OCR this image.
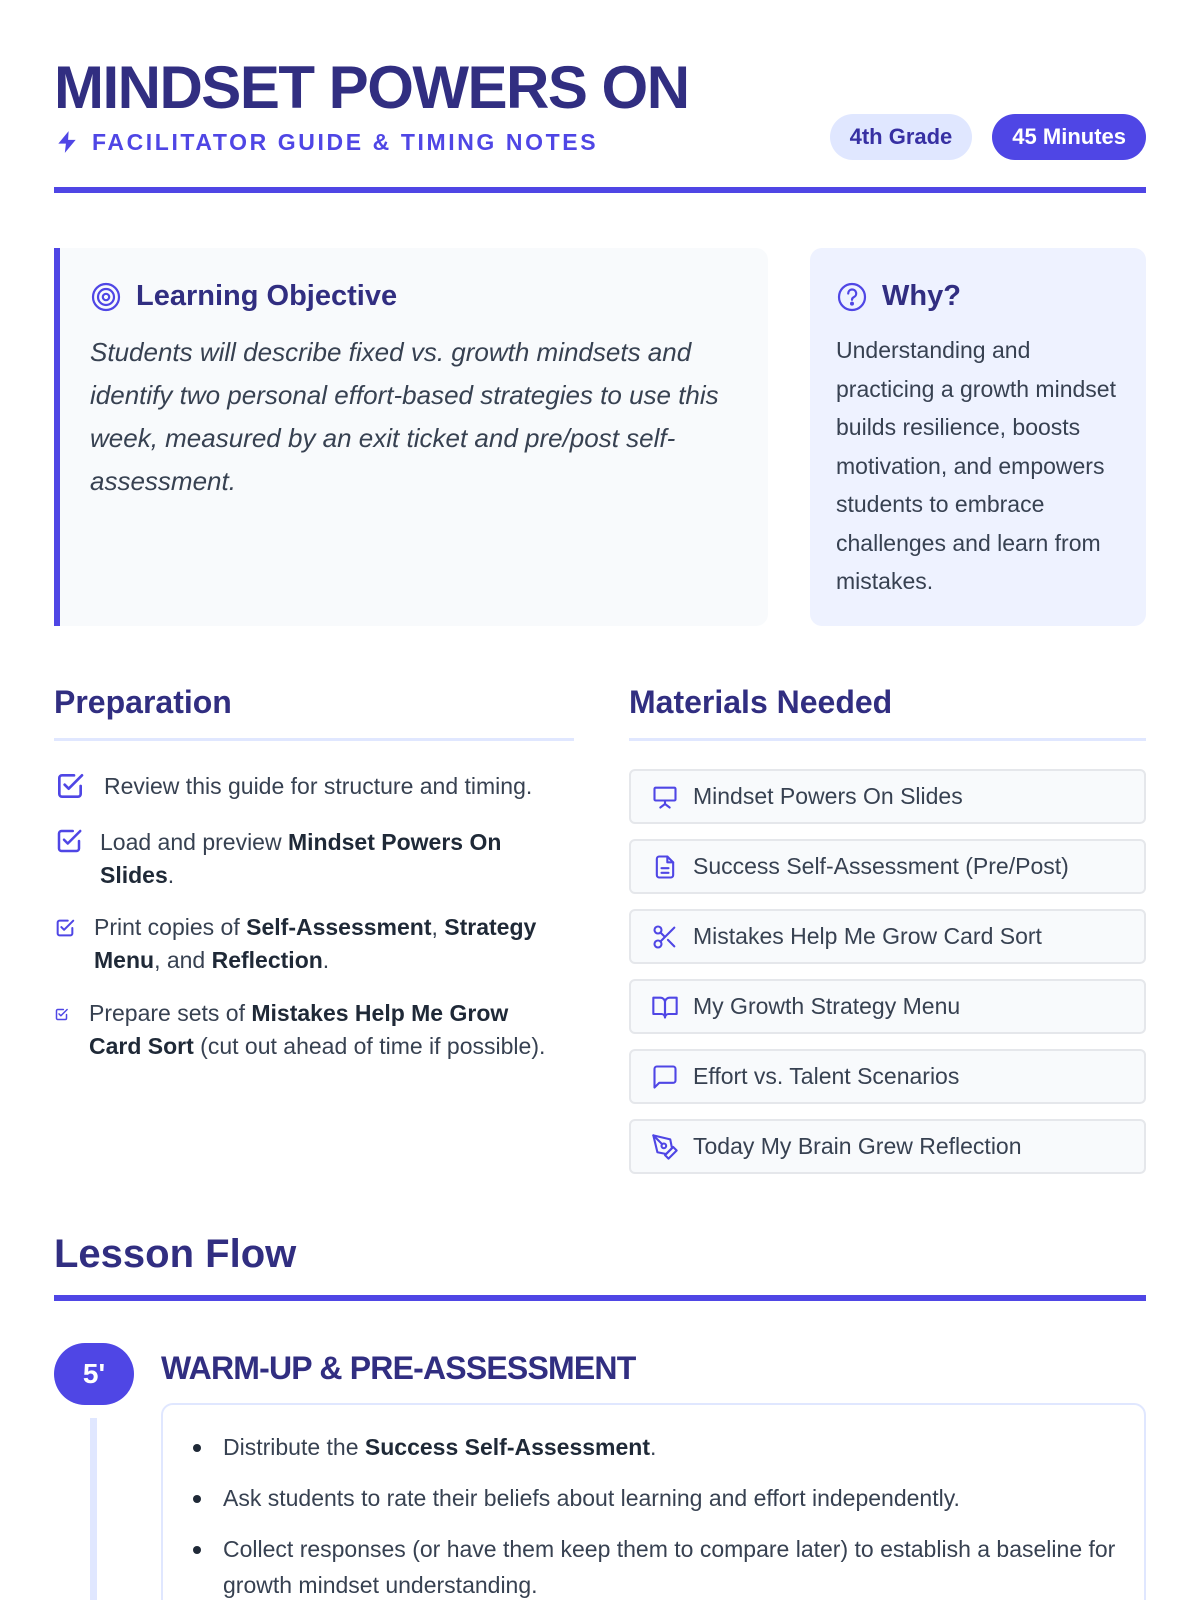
MINDSET POWERS ON
FACILITATOR GUIDE & TIMING NOTES	4th Grade	45 Minutes
Learning Objective

Students will describe fixed vs. growth mindsets and identify two personal effort-based strategies to use this week, measured by an exit ticket and pre/post self-assessment.

Why?

Understanding and practicing a growth mindset builds resilience, boosts motivation, and empowers students to embrace challenges and learn from mistakes.

Preparation
Review this guide for structure and timing.
Load and preview Mindset Powers On Slides.
Print copies of Self-Assessment, Strategy Menu, and Reflection.
Prepare sets of Mistakes Help Me Grow Card Sort (cut out ahead of time if possible).
Materials Needed
Mindset Powers On Slides
Success Self-Assessment (Pre/Post)
Mistakes Help Me Grow Card Sort
My Growth Strategy Menu
Effort vs. Talent Scenarios
Today My Brain Grew Reflection
Lesson Flow
5'	WARM-UP & PRE-ASSESSMENT
Distribute the Success Self-Assessment.
Ask students to rate their beliefs about learning and effort independently.
Collect responses (or have them keep them to compare later) to establish a baseline for growth mindset understanding.
